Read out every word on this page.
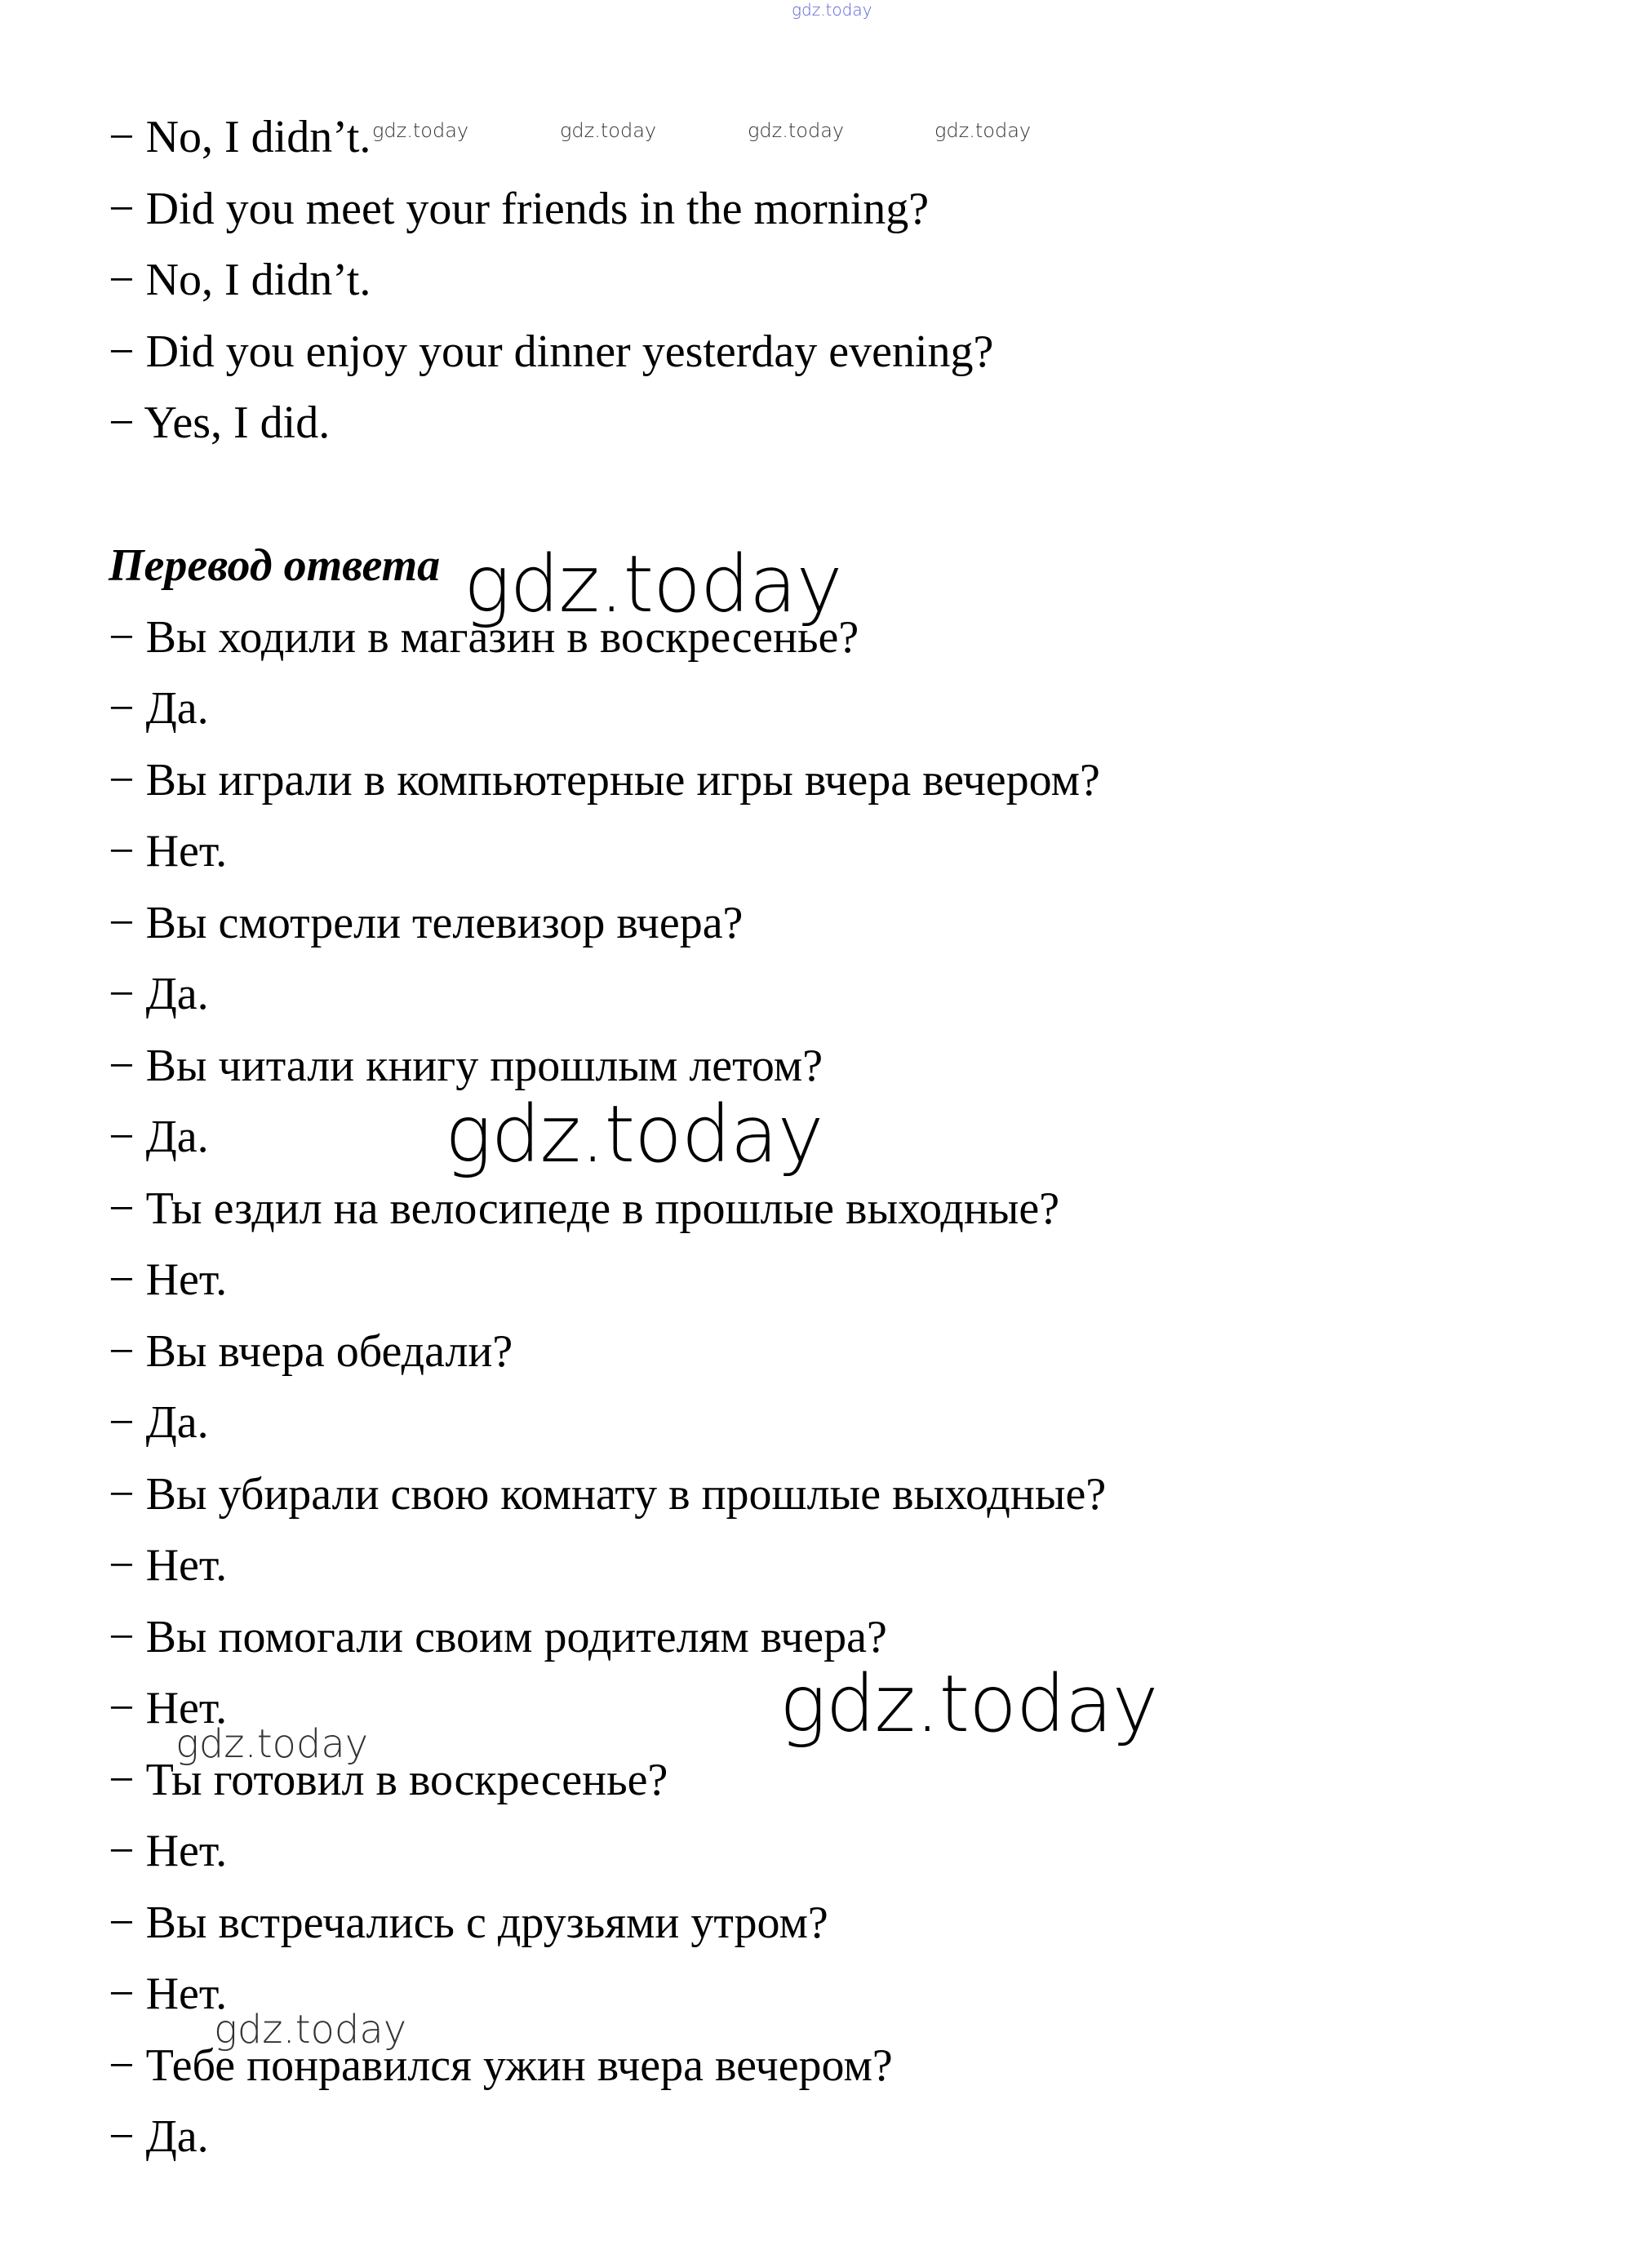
gdz.today
gdz.today	gdz.today	gdz.today	gdz.today
− No, I didn’t.
− Did you meet your friends in the morning?
− No, I didn’t.
− Did you enjoy your dinner yesterday evening?
− Yes, I did.
Перевод ответа
− Вы ходили в магазин в воскресенье?
− Да.
− Вы играли в компьютерные игры вчера вечером?
− Нет.
− Вы смотрели телевизор вчера?
− Да.
− Вы читали книгу прошлым летом?
− Да.
− Ты ездил на велосипеде в прошлые выходные?
− Нет.
− Вы вчера обедали?
− Да.
− Вы убирали свою комнату в прошлые выходные?
− Нет.
− Вы помогали своим родителям вчера?
− Нет.
− Ты готовил в воскресенье?
− Нет.
− Вы встречались с друзьями утром?
− Нет.
− Тебе понравился ужин вчера вечером?
− Да.
gdz.today
gdz.today
gdz.today
gdz.today
gdz.today
